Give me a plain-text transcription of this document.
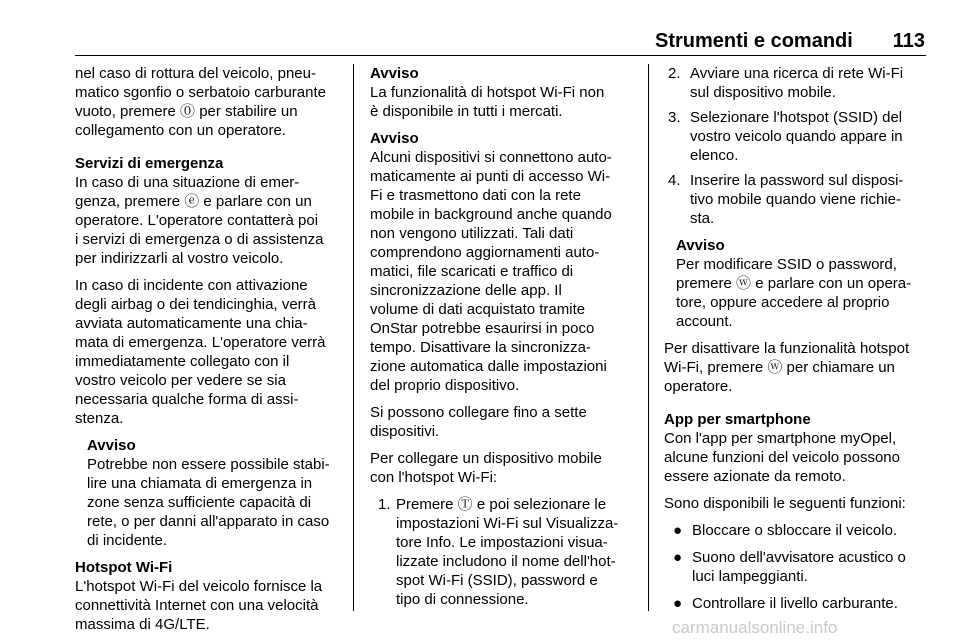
Strumenti e comandi 113

nel caso di rottura del veicolo, pneu-
matico sgonfio o serbatoio carburante
vuoto, premere ⓪ per stabilire un
collegamento con un operatore.

Servizi di emergenza

In caso di una situazione di emer-
genza, premere ⓔ e parlare con un
operatore. L'operatore contatterà poi
i servizi di emergenza o di assistenza
per indirizzarli al vostro veicolo.

In caso di incidente con attivazione
degli airbag o dei tendicinghia, verrà
avviata automaticamente una chia-
mata di emergenza. L'operatore verrà
immediatamente collegato con il
vostro veicolo per vedere se sia
necessaria qualche forma di assi-
stenza.

Avviso
Potrebbe non essere possibile stabi-
lire una chiamata di emergenza in
zone senza sufficiente capacità di
rete, o per danni all'apparato in caso
di incidente.

Hotspot Wi-Fi

L'hotspot Wi-Fi del veicolo fornisce la
connettività Internet con una velocità
massima di 4G/LTE.

Avviso
La funzionalità di hotspot Wi-Fi non
è disponibile in tutti i mercati.
Avviso
Alcuni dispositivi si connettono auto-
maticamente ai punti di accesso Wi-
Fi e trasmettono dati con la rete
mobile in background anche quando
non vengono utilizzati. Tali dati
comprendono aggiornamenti auto-
matici, file scaricati e traffico di
sincronizzazione delle app. Il
volume di dati acquistato tramite
OnStar potrebbe esaurirsi in poco
tempo. Disattivare la sincronizza-
zione automatica dalle impostazioni
del proprio dispositivo.

Si possono collegare fino a sette
dispositivi.

Per collegare un dispositivo mobile
con l'hotspot Wi-Fi:

1. Premere Ⓣ e poi selezionare le
impostazioni Wi-Fi sul Visualizza-
tore Info. Le impostazioni visua-
lizzate includono il nome dell'hot-
spot Wi-Fi (SSID), password e
tipo di connessione.
2. Avviare una ricerca di rete Wi-Fi
sul dispositivo mobile.
3. Selezionare l'hotspot (SSID) del
vostro veicolo quando appare in
elenco.
4. Inserire la password sul disposi-
tivo mobile quando viene richie-
sta.
Avviso
Per modificare SSID o password,
premere ⓦ e parlare con un opera-
tore, oppure accedere al proprio
account.

Per disattivare la funzionalità hotspot
Wi-Fi, premere ⓦ per chiamare un
operatore.

App per smartphone

Con l'app per smartphone myOpel,
alcune funzioni del veicolo possono
essere azionate da remoto.

Sono disponibili le seguenti funzioni:

● Bloccare o sbloccare il veicolo.
● Suono dell'avvisatore acustico o
luci lampeggianti.
● Controllare il livello carburante.
carmanualsonline.info
